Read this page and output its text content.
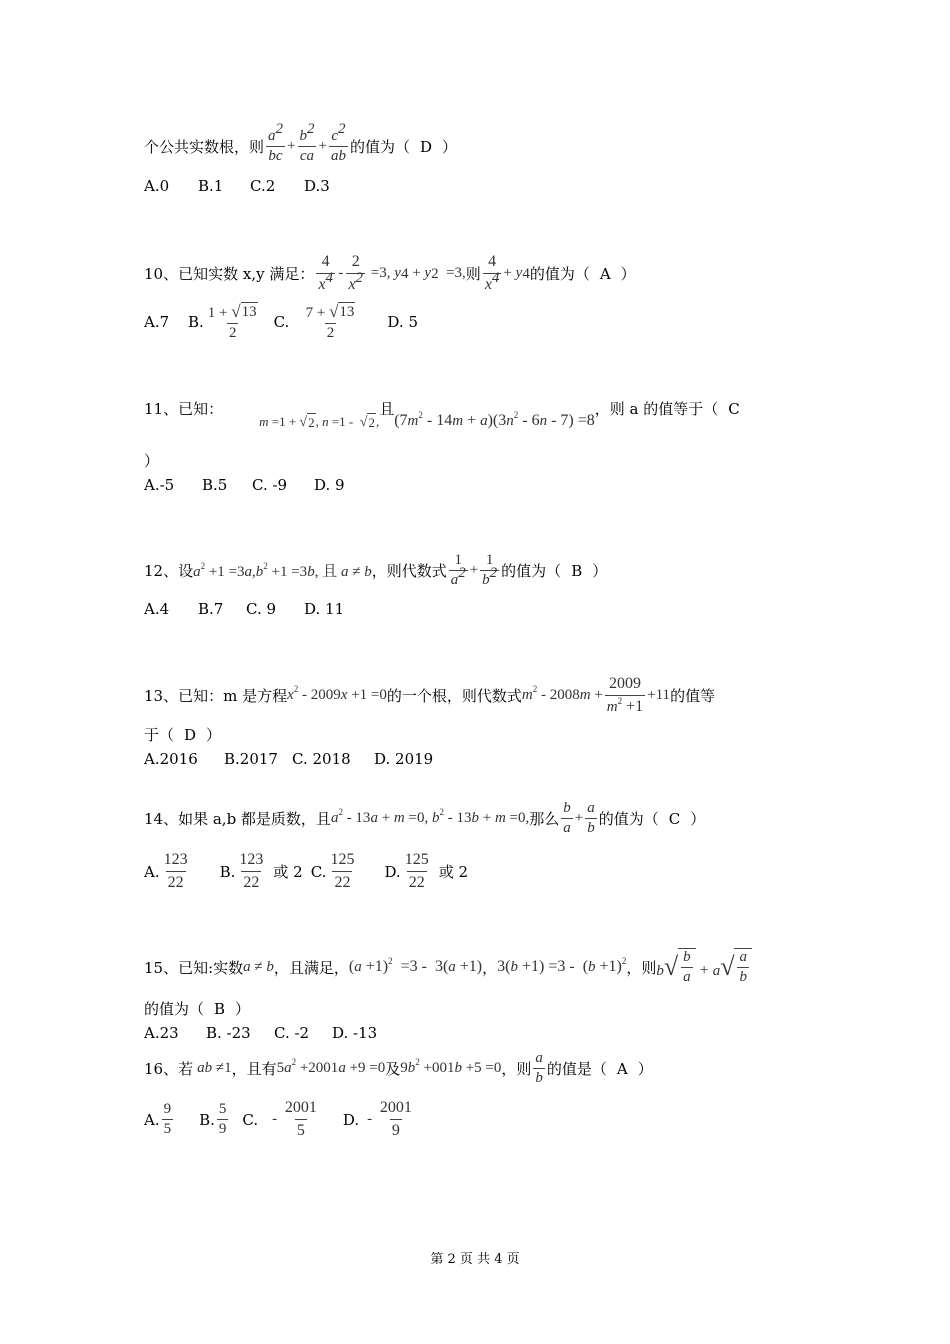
个公共实数根，则 $\frac{a^2}{bc} + \frac{b^2}{ca} + \frac{c^2}{ab}$ 的值为（ D ）
A.0	B.1	C.2	D.3
10、已知实数 x,y 满足： $\frac{4}{x^4}$  -  $\frac{2}{x^2} =3$, y 4 + y 2 =3, 则 $\frac{4}{x^4} + y$ 4 的值为（ A ）
A.7	B. $\frac{1 + √ 13}{2} C$. $\frac{7 + √ 13}{2} D$. 5
11、已知：
m =1 + √ 2 , n =1 - √ 2 ,
且
$(7m^2 - 14m + a)(3n^2 - 6n - 7) =8$
，则 a 的值等于（ C
）
A.-5	B.5	C. -9	D. 9
12、设 $a^2 +1 =3a,b^2 +1 =3b$, 且 a ≠ b ，则代数式 $\frac{1}{a^2} + \frac{1}{b^2}$ 的值为（ B ）
A.4	B.7	C. 9	D. 11
13、已知：m 是方程 $x^2 - 2009x +1 =0$ 的一个根，则代数式 $m^2 - 2008m + \frac{2009}{m^2 +1} +11$ 的值等
于（ D ）
A.2016	B.2017 C. 2018	D. 2019
14、如果 a,b 都是质数，且 $a^2 - 13a + m =0$, $b^2 - 13b + m =0$, 那么 $\frac{b}{a} + \frac{a}{b}$ 的值为（ C ）
A. $\frac{123}{22} B$. $\frac{123}{22}$ 或 2 C. $\frac{125}{22} D$. $\frac{125}{22}$ 或 2
15、已知:实数 a ≠ b ，且满足， $(a +1)^2 =3 - 3(a +1)$ ， $3(b +1) =3 - (b +1)^2$ ，则 b √ $\frac{b}{a} + a$ √ $\frac{a}{b}$
的值为（ B ）
A.23	B. -23	C. -2	D. -13
16、若 ab ≠1 ，且有 $5a^2 +2001a +9 =0$ 及 $9b^2 +001b +5 =0$ ，则 $\frac{a}{b}$ 的值是（ A ）
A. $\frac{9}{5} B$. $\frac{5}{9} C$. - $\frac{2001}{5} D$. - $\frac{2001}{9}$
第 2 页 共 4 页
